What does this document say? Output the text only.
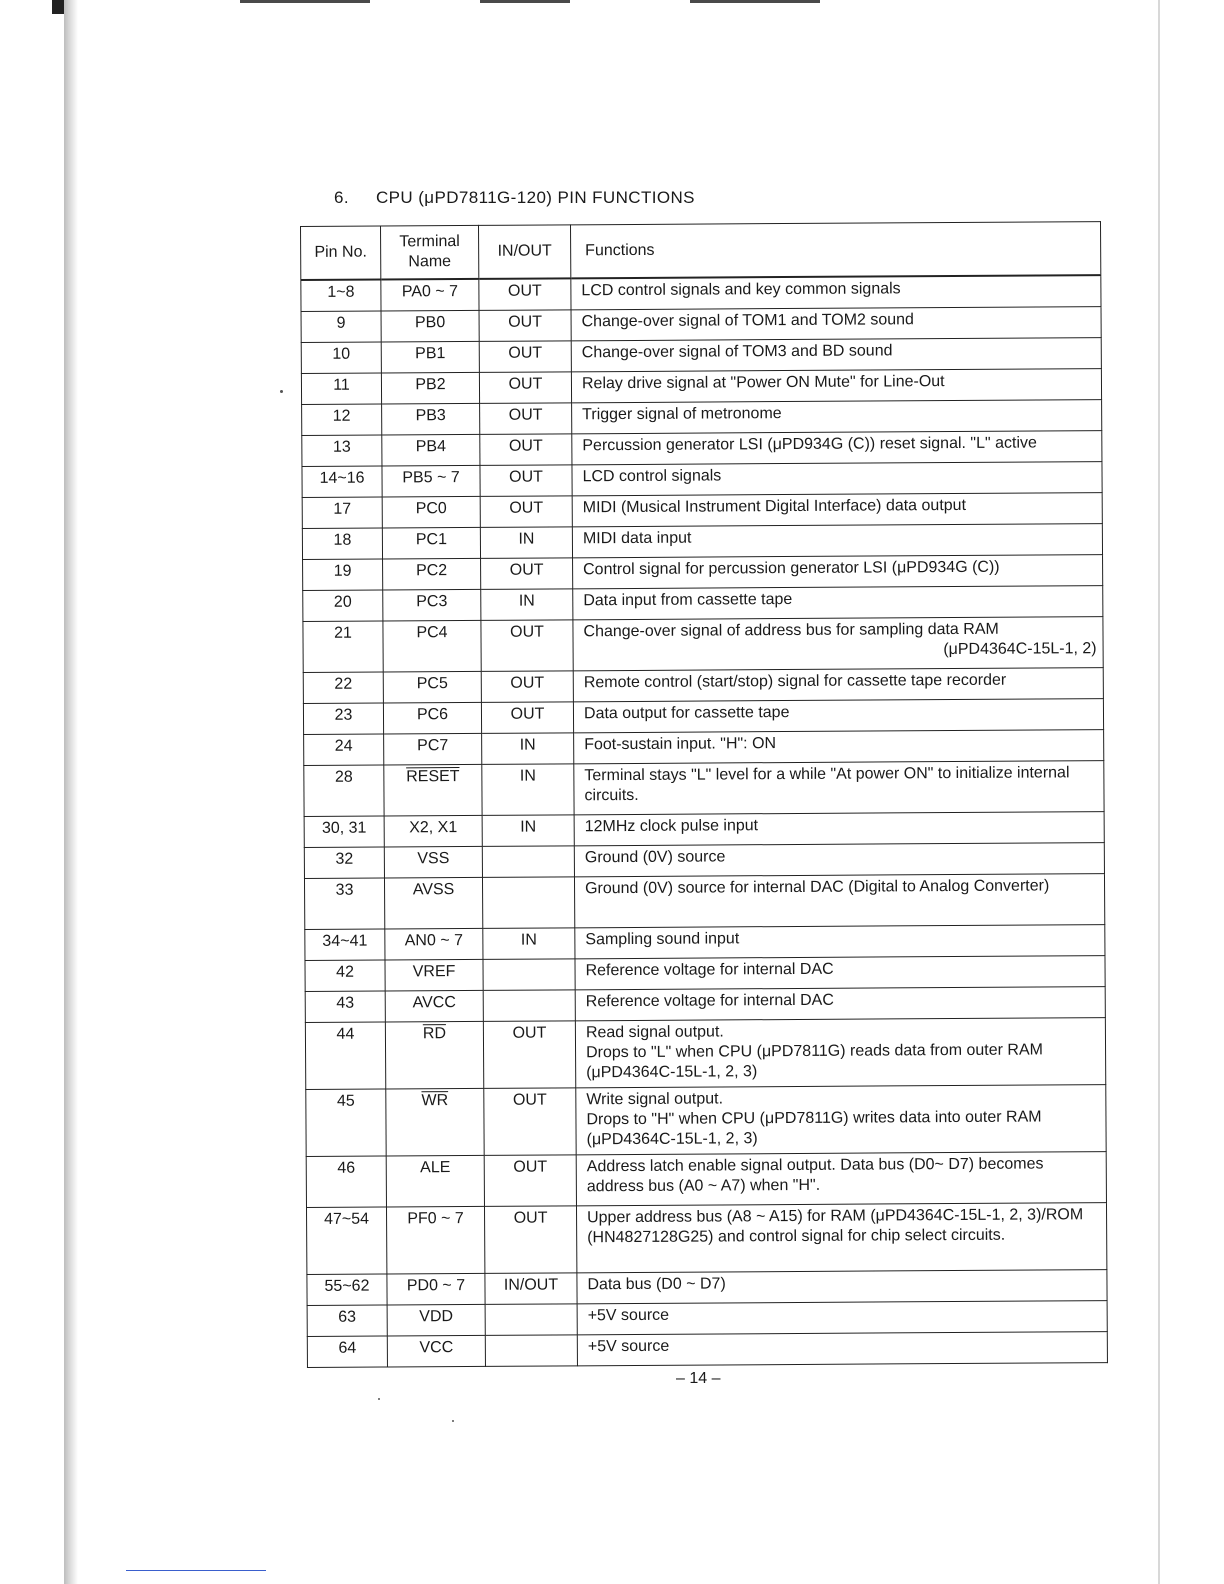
6. CPU (μPD7811G-120) PIN FUNCTIONS
Pin No.	Terminal Name	IN/OUT	Functions
1~8	PA0 ~ 7	OUT	LCD control signals and key common signals
9	PB0	OUT	Change-over signal of TOM1 and TOM2 sound
10	PB1	OUT	Change-over signal of TOM3 and BD sound
11	PB2	OUT	Relay drive signal at "Power ON Mute" for Line-Out
12	PB3	OUT	Trigger signal of metronome
13	PB4	OUT	Percussion generator LSI (μPD934G (C)) reset signal. "L" active
14~16	PB5 ~ 7	OUT	LCD control signals
17	PC0	OUT	MIDI (Musical Instrument Digital Interface) data output
18	PC1	IN	MIDI data input
19	PC2	OUT	Control signal for percussion generator LSI (μPD934G (C))
20	PC3	IN	Data input from cassette tape
21	PC4	OUT	Change-over signal of address bus for sampling data RAM
(μPD4364C-15L-1, 2)

22	PC5	OUT	Remote control (start/stop) signal for cassette tape recorder
23	PC6	OUT	Data output for cassette tape
24	PC7	IN	Foot-sustain input. "H": ON
28	RESET	IN	Terminal stays "L" level for a while "At power ON" to initialize internal circuits.
30, 31	X2, X1	IN	12MHz clock pulse input
32	VSS		Ground (0V) source
33	AVSS		Ground (0V) source for internal DAC (Digital to Analog Converter)
34~41	AN0 ~ 7	IN	Sampling sound input
42	VREF		Reference voltage for internal DAC
43	AVCC		Reference voltage for internal DAC
44	$\overline{RD}$	OUT	Read signal output.
Drops to "L" when CPU (μPD7811G) reads data from outer RAM (μPD4364C-15L-1, 2, 3)

45	$\overline{WR}$	OUT	Write signal output.
Drops to "H" when CPU (μPD7811G) writes data into outer RAM (μPD4364C-15L-1, 2, 3)

46	ALE	OUT	Address latch enable signal output. Data bus (D0~ D7) becomes address bus (A0 ~ A7) when "H".
47~54	PF0 ~ 7	OUT	Upper address bus (A8 ~ A15) for RAM (μPD4364C-15L-1, 2, 3)/ROM (HN4827128G25) and control signal for chip select circuits.
55~62	PD0 ~ 7	IN/OUT	Data bus (D0 ~ D7)
63	VDD		+5V source
64	VCC		+5V source
– 14 –
